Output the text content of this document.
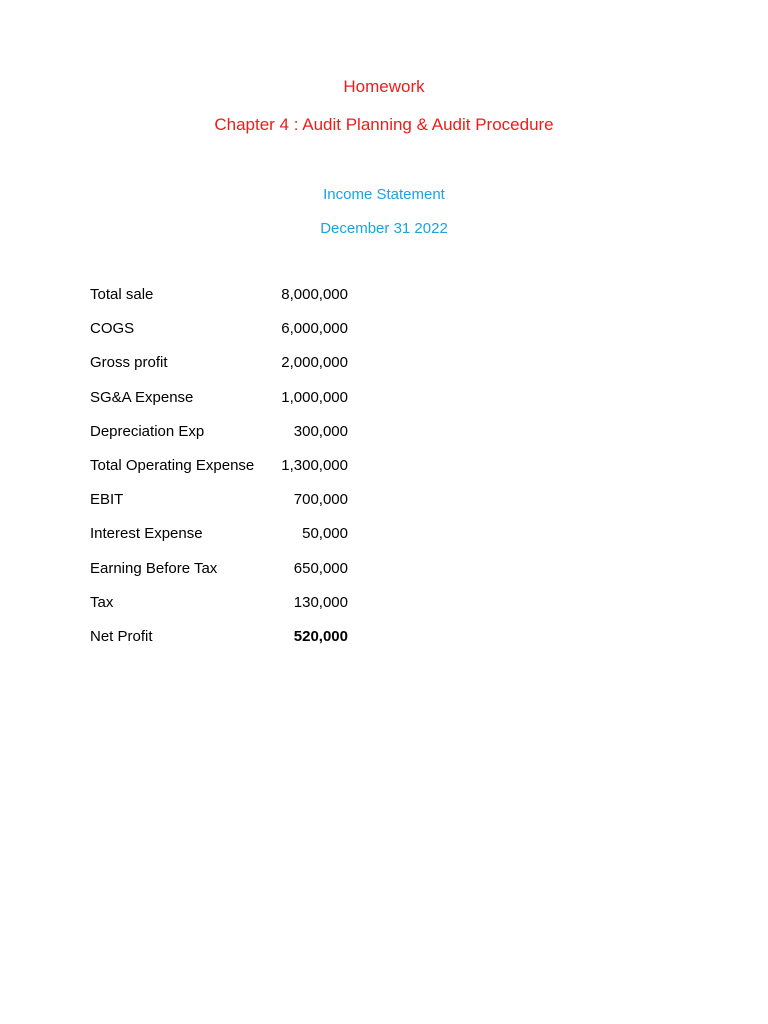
Homework
Chapter 4 : Audit Planning & Audit Procedure
Income Statement
December 31 2022
Total sale	8,000,000
COGS	6,000,000
Gross profit	2,000,000
SG&A Expense	1,000,000
Depreciation Exp	300,000
Total Operating Expense 1,300,000
EBIT	700,000
Interest Expense	50,000
Earning Before Tax	650,000
Tax	130,000
Net Profit	520,000
